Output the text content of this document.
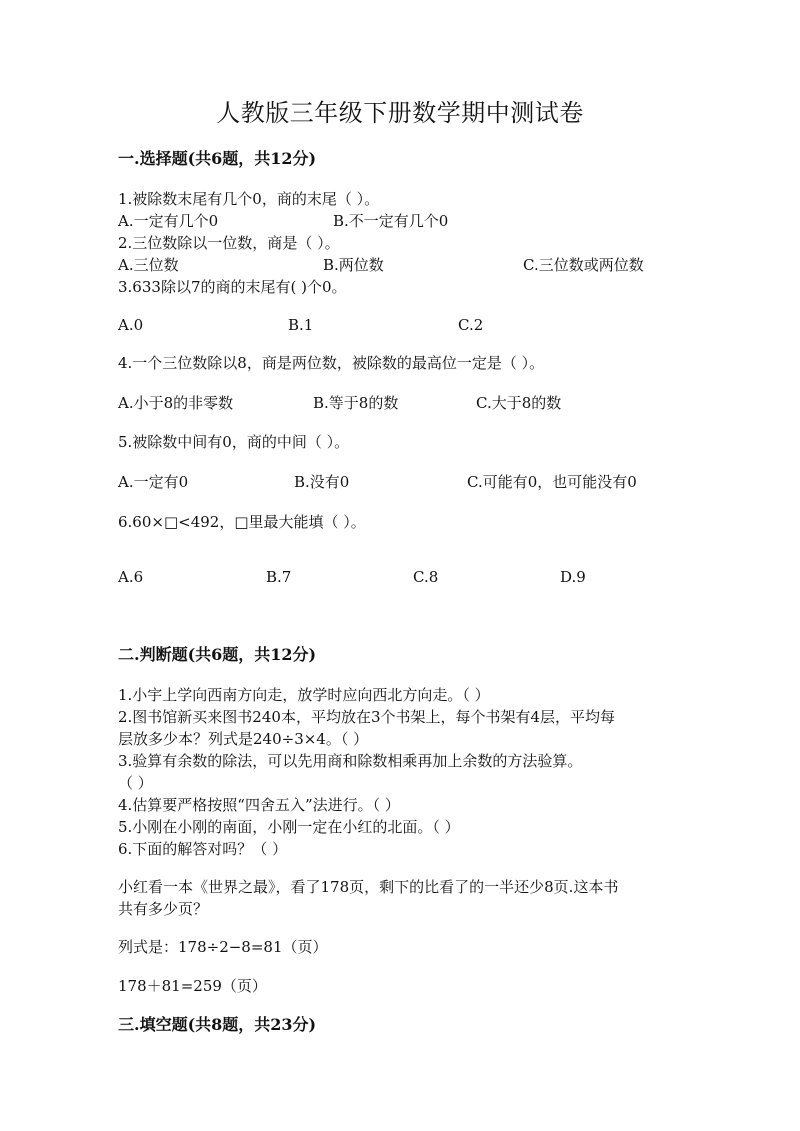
人教版三年级下册数学期中测试卷
一.选择题(共6题，共12分)
1.被除数末尾有几个0，商的末尾（ ）。
A.一定有几个0	B.不一定有几个0
2.三位数除以一位数，商是（ ）。
A.三位数	B.两位数	C.三位数或两位数
3.633除以7的商的末尾有( )个0。
A.0	B.1	C.2
4.一个三位数除以8，商是两位数，被除数的最高位一定是（ ）。
A.小于8的非零数	B.等于8的数	C.大于8的数
5.被除数中间有0，商的中间（ ）。
A.一定有0	B.没有0	C.可能有0，也可能没有0
6.60×□<492，□里最大能填（ ）。
A.6	B.7	C.8	D.9
二.判断题(共6题，共12分)
1.小宇上学向西南方向走，放学时应向西北方向走。（ ）
2.图书馆新买来图书240本，平均放在3个书架上，每个书架有4层，平均每
层放多少本？列式是240÷3×4。（ ）
3.验算有余数的除法，可以先用商和除数相乘再加上余数的方法验算。
（ ）
4.估算要严格按照“四舍五入”法进行。（ ）
5.小刚在小刚的南面，小刚一定在小红的北面。（ ）
6.下面的解答对吗？（ ）
小红看一本《世界之最》，看了178页，剩下的比看了的一半还少8页.这本书
共有多少页？
列式是：178÷2−8=81（页）
178＋81=259（页）
三.填空题(共8题，共23分)
